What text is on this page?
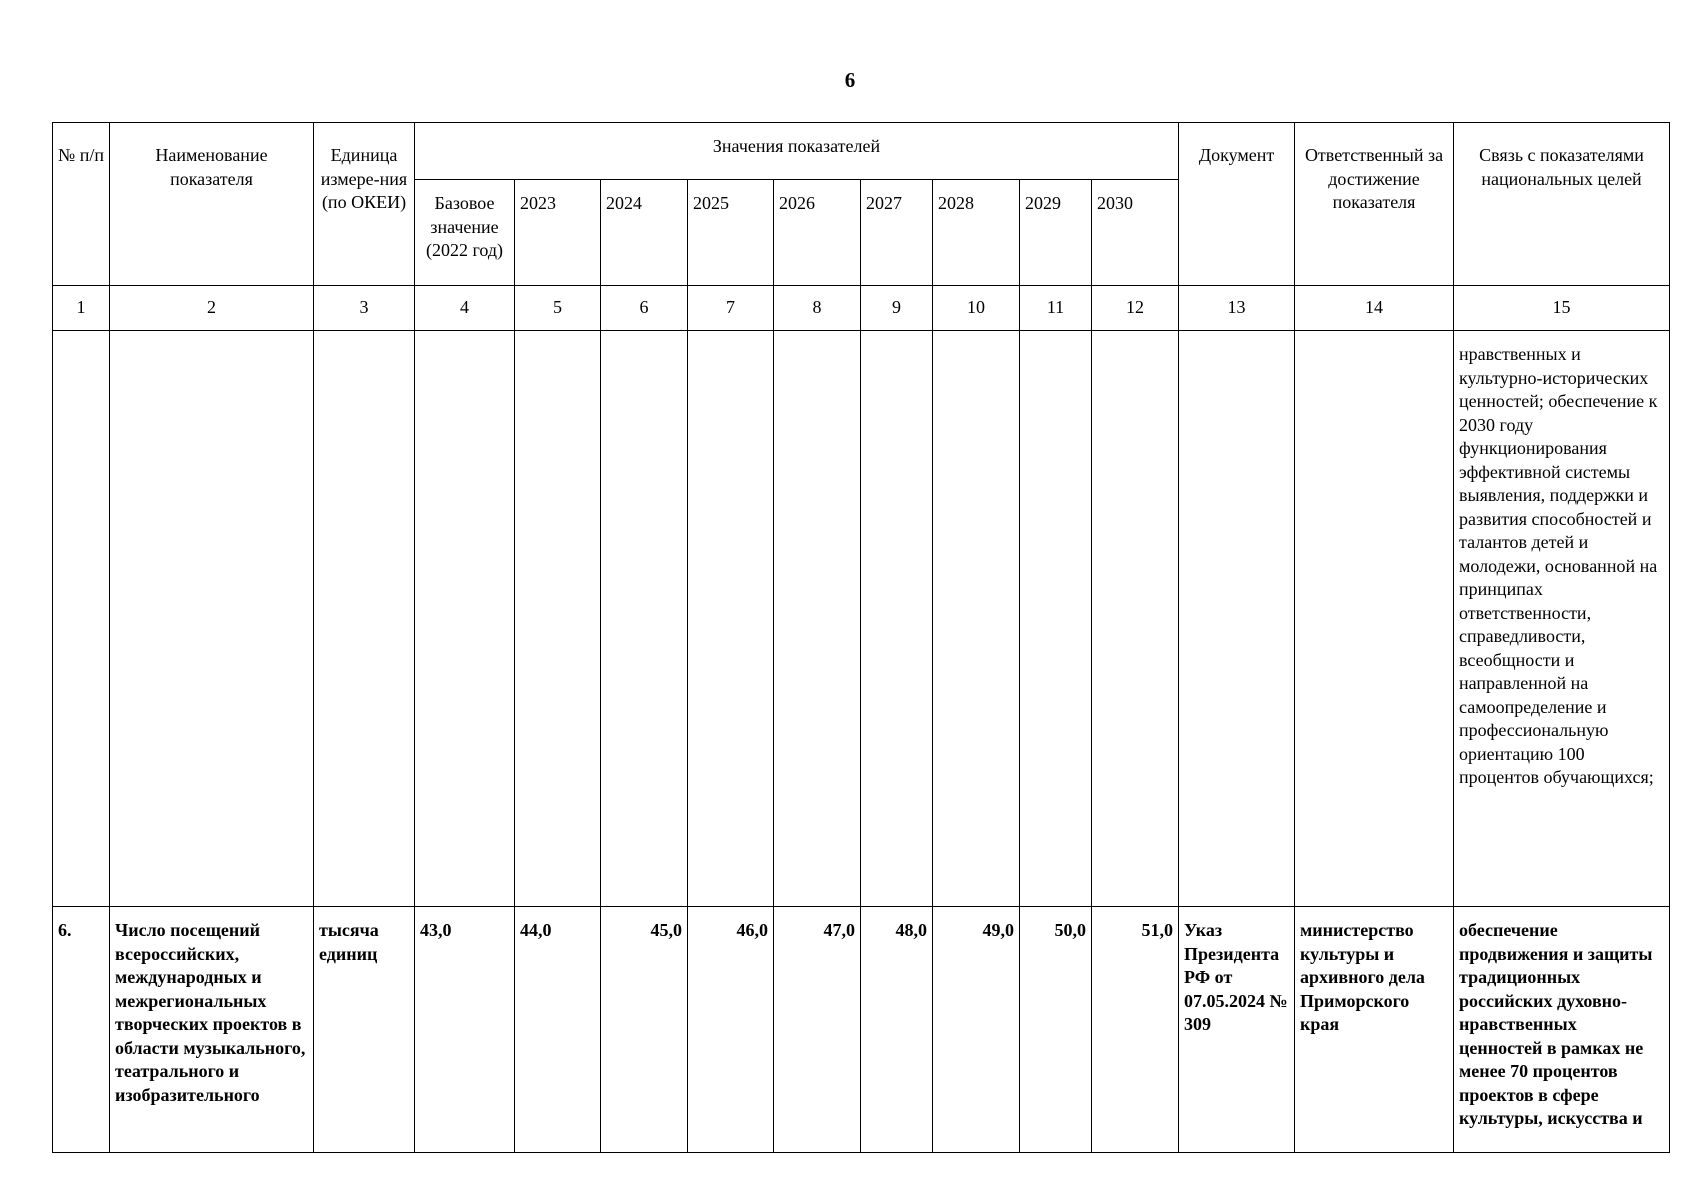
6
№ п/п	Наименование показателя	Единица измере-ния (по ОКЕИ)	Значения показателей									Документ	Ответственный за достижение показателя	Связь с показателями национальных целей
			Базовое значение (2022 год)	2023	2024	2025	2026	2027	2028	2029	2030			
1	2	3	4	5	6	7	8	9	10	11	12	13	14	15
														нравственных и культурно-исторических ценностей; обеспечение к 2030 году функционирования эффективной системы выявления, поддержки и развития способностей и талантов детей и молодежи, основанной на принципах ответственности, справедливости, всеобщности и направленной на самоопределение и профессиональную ориентацию 100 процентов обучающихся;
6.	Число посещений всероссийских, международных и межрегиональных творческих проектов в области музыкального, театрального и изобразительного	тысяча единиц	43,0	44,0	45,0	46,0	47,0	48,0	49,0	50,0	51,0	Указ Президента РФ от 07.05.2024 № 309	министерство культуры и архивного дела Приморского края	обеспечение продвижения и защиты традиционных российских духовно-нравственных ценностей в рамках не менее 70 процентов проектов в сфере культуры, искусства и
